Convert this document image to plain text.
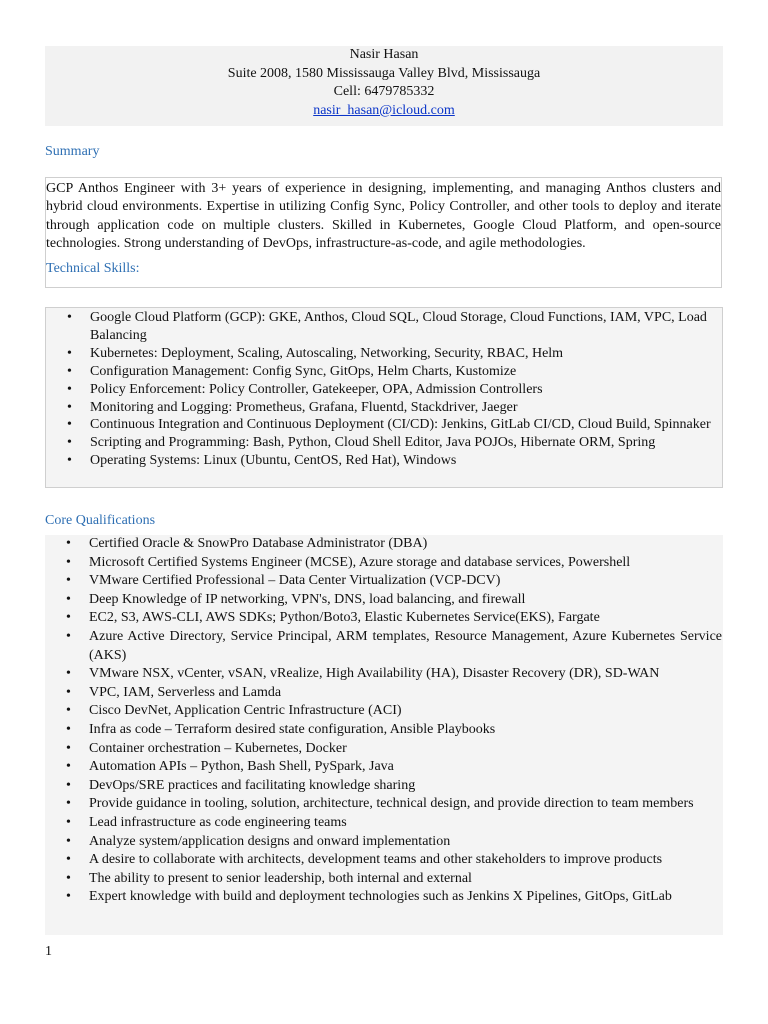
Nasir Hasan
Suite 2008, 1580 Mississauga Valley Blvd, Mississauga
Cell: 6479785332
nasir_hasan@icloud.com
Summary

GCP Anthos Engineer with 3+ years of experience in designing, implementing, and managing Anthos clusters and hybrid cloud environments. Expertise in utilizing Config Sync, Policy Controller, and other tools to deploy and iterate through application code on multiple clusters. Skilled in Kubernetes, Google Cloud Platform, and open-source technologies. Strong understanding of DevOps, infrastructure-as-code, and agile methodologies.

Technical Skills:
• Google Cloud Platform (GCP): GKE, Anthos, Cloud SQL, Cloud Storage, Cloud Functions, IAM, VPC, Load Balancing
• Kubernetes: Deployment, Scaling, Autoscaling, Networking, Security, RBAC, Helm
• Configuration Management: Config Sync, GitOps, Helm Charts, Kustomize
• Policy Enforcement: Policy Controller, Gatekeeper, OPA, Admission Controllers
• Monitoring and Logging: Prometheus, Grafana, Fluentd, Stackdriver, Jaeger
• Continuous Integration and Continuous Deployment (CI/CD): Jenkins, GitLab CI/CD, Cloud Build, Spinnaker
• Scripting and Programming: Bash, Python, Cloud Shell Editor, Java POJOs, Hibernate ORM, Spring
• Operating Systems: Linux (Ubuntu, CentOS, Red Hat), Windows
Core Qualifications
• Certified Oracle & SnowPro Database Administrator (DBA)
• Microsoft Certified Systems Engineer (MCSE), Azure storage and database services, Powershell
• VMware Certified Professional – Data Center Virtualization (VCP-DCV)
• Deep Knowledge of IP networking, VPN's, DNS, load balancing, and firewall
• EC2, S3, AWS-CLI, AWS SDKs; Python/Boto3, Elastic Kubernetes Service(EKS), Fargate
• Azure Active Directory, Service Principal, ARM templates, Resource Management, Azure Kubernetes Service (AKS)
• VMware NSX, vCenter, vSAN, vRealize, High Availability (HA), Disaster Recovery (DR), SD-WAN
• VPC, IAM, Serverless and Lamda
• Cisco DevNet, Application Centric Infrastructure (ACI)
• Infra as code – Terraform desired state configuration, Ansible Playbooks
• Container orchestration – Kubernetes, Docker
• Automation APIs – Python, Bash Shell, PySpark, Java
• DevOps/SRE practices and facilitating knowledge sharing
• Provide guidance in tooling, solution, architecture, technical design, and provide direction to team members
• Lead infrastructure as code engineering teams
• Analyze system/application designs and onward implementation
• A desire to collaborate with architects, development teams and other stakeholders to improve products
• The ability to present to senior leadership, both internal and external
• Expert knowledge with build and deployment technologies such as Jenkins X Pipelines, GitOps, GitLab
1
